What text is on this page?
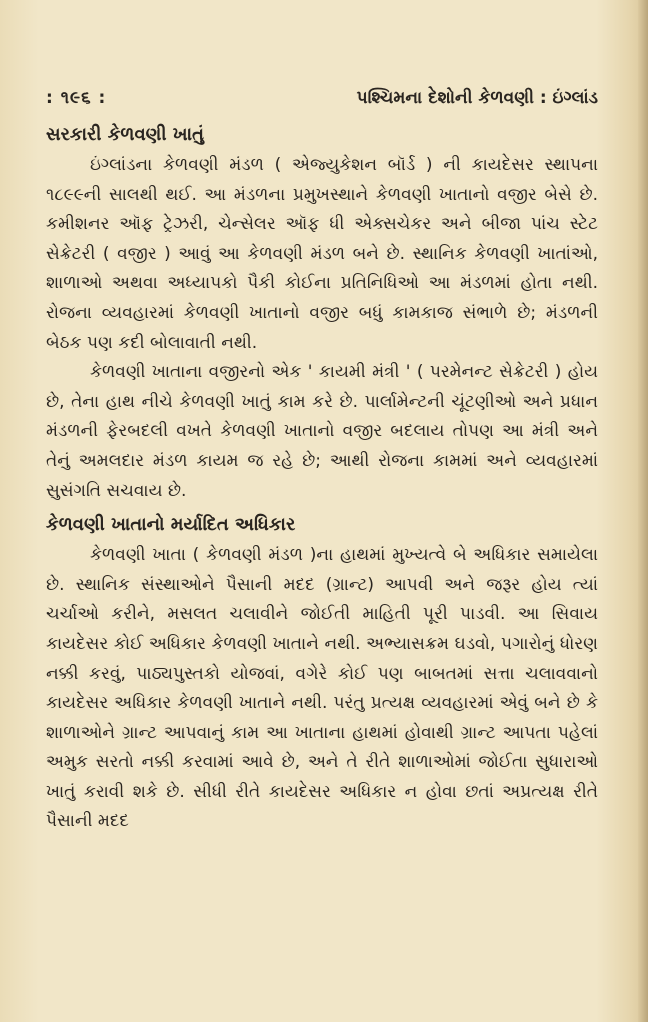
: ૧૯૬ :	પશ્ચિમના દેશોની કેળવણી : ઇંગ્લાંડ
સરકારી કેળવણી ખાતું

ઇંગ્લાંડના કેળવણી મંડળ ( એજ્યુકેશન બૉર્ડ ) ની કાયદેસર સ્થાપના ૧૮૯૯ની સાલથી થઈ. આ મંડળના પ્રમુખસ્થાને કેળવણી ખાતાનો વજીર બેસે છે. કમીશનર ઑફ ટ્રેઝરી, ચેન્સેલર ઑફ ધી એક્સચેકર અને બીજા પાંચ સ્ટેટ સેક્રેટરી ( વજીર ) આવું આ કેળવણી મંડળ બને છે. સ્થાનિક કેળવણી ખાતાંઓ, શાળાઓ અથવા અધ્યાપકો પૈકી કોઈના પ્રતિનિધિઓ આ મંડળમાં હોતા નથી. રોજના વ્યવહારમાં કેળવણી ખાતાનો વજીર બધું કામકાજ સંભાળે છે; મંડળની બેઠક પણ કદી બોલાવાતી નથી.

કેળવણી ખાતાના વજીરનો એક ' કાયમી મંત્રી ' ( પરમેનન્ટ સેક્રેટરી ) હોય છે, તેના હાથ નીચે કેળવણી ખાતું કામ કરે છે. પાર્લામેન્ટની ચૂંટણીઓ અને પ્રધાન મંડળની ફેરબદલી વખતે કેળવણી ખાતાનો વજીર બદલાય તોપણ આ મંત્રી અને તેનું અમલદાર મંડળ કાયમ જ રહે છે; આથી રોજના કામમાં અને વ્યવહારમાં સુસંગતિ સચવાય છે.

કેળવણી ખાતાનો મર્યાદિત અધિકાર

કેળવણી ખાતા ( કેળવણી મંડળ )ના હાથમાં મુખ્યત્વે બે અધિકાર સમાયેલા છે. સ્થાનિક સંસ્થાઓને પૈસાની મદદ (ગ્રાન્ટ) આપવી અને જરૂર હોય ત્યાં ચર્ચાઓ કરીને, મસલત ચલાવીને જોઈતી માહિતી પૂરી પાડવી. આ સિવાય કાયદેસર કોઈ અધિકાર કેળવણી ખાતાને નથી. અભ્યાસક્રમ ઘડવો, પગારોનું ધોરણ નક્કી કરવું, પાઠ્યપુસ્તકો યોજવાં, વગેરે કોઈ પણ બાબતમાં સત્તા ચલાવવાનો કાયદેસર અધિકાર કેળવણી ખાતાને નથી. પરંતુ પ્રત્યક્ષ વ્યવહારમાં એવું બને છે કે શાળાઓને ગ્રાન્ટ આપવાનું કામ આ ખાતાના હાથમાં હોવાથી ગ્રાન્ટ આપતા પહેલાં અમુક સરતો નક્કી કરવામાં આવે છે, અને તે રીતે શાળાઓમાં જોઈતા સુધારાઓ ખાતું કરાવી શકે છે. સીધી રીતે કાયદેસર અધિકાર ન હોવા છતાં અપ્રત્યક્ષ રીતે પૈસાની મદદ
